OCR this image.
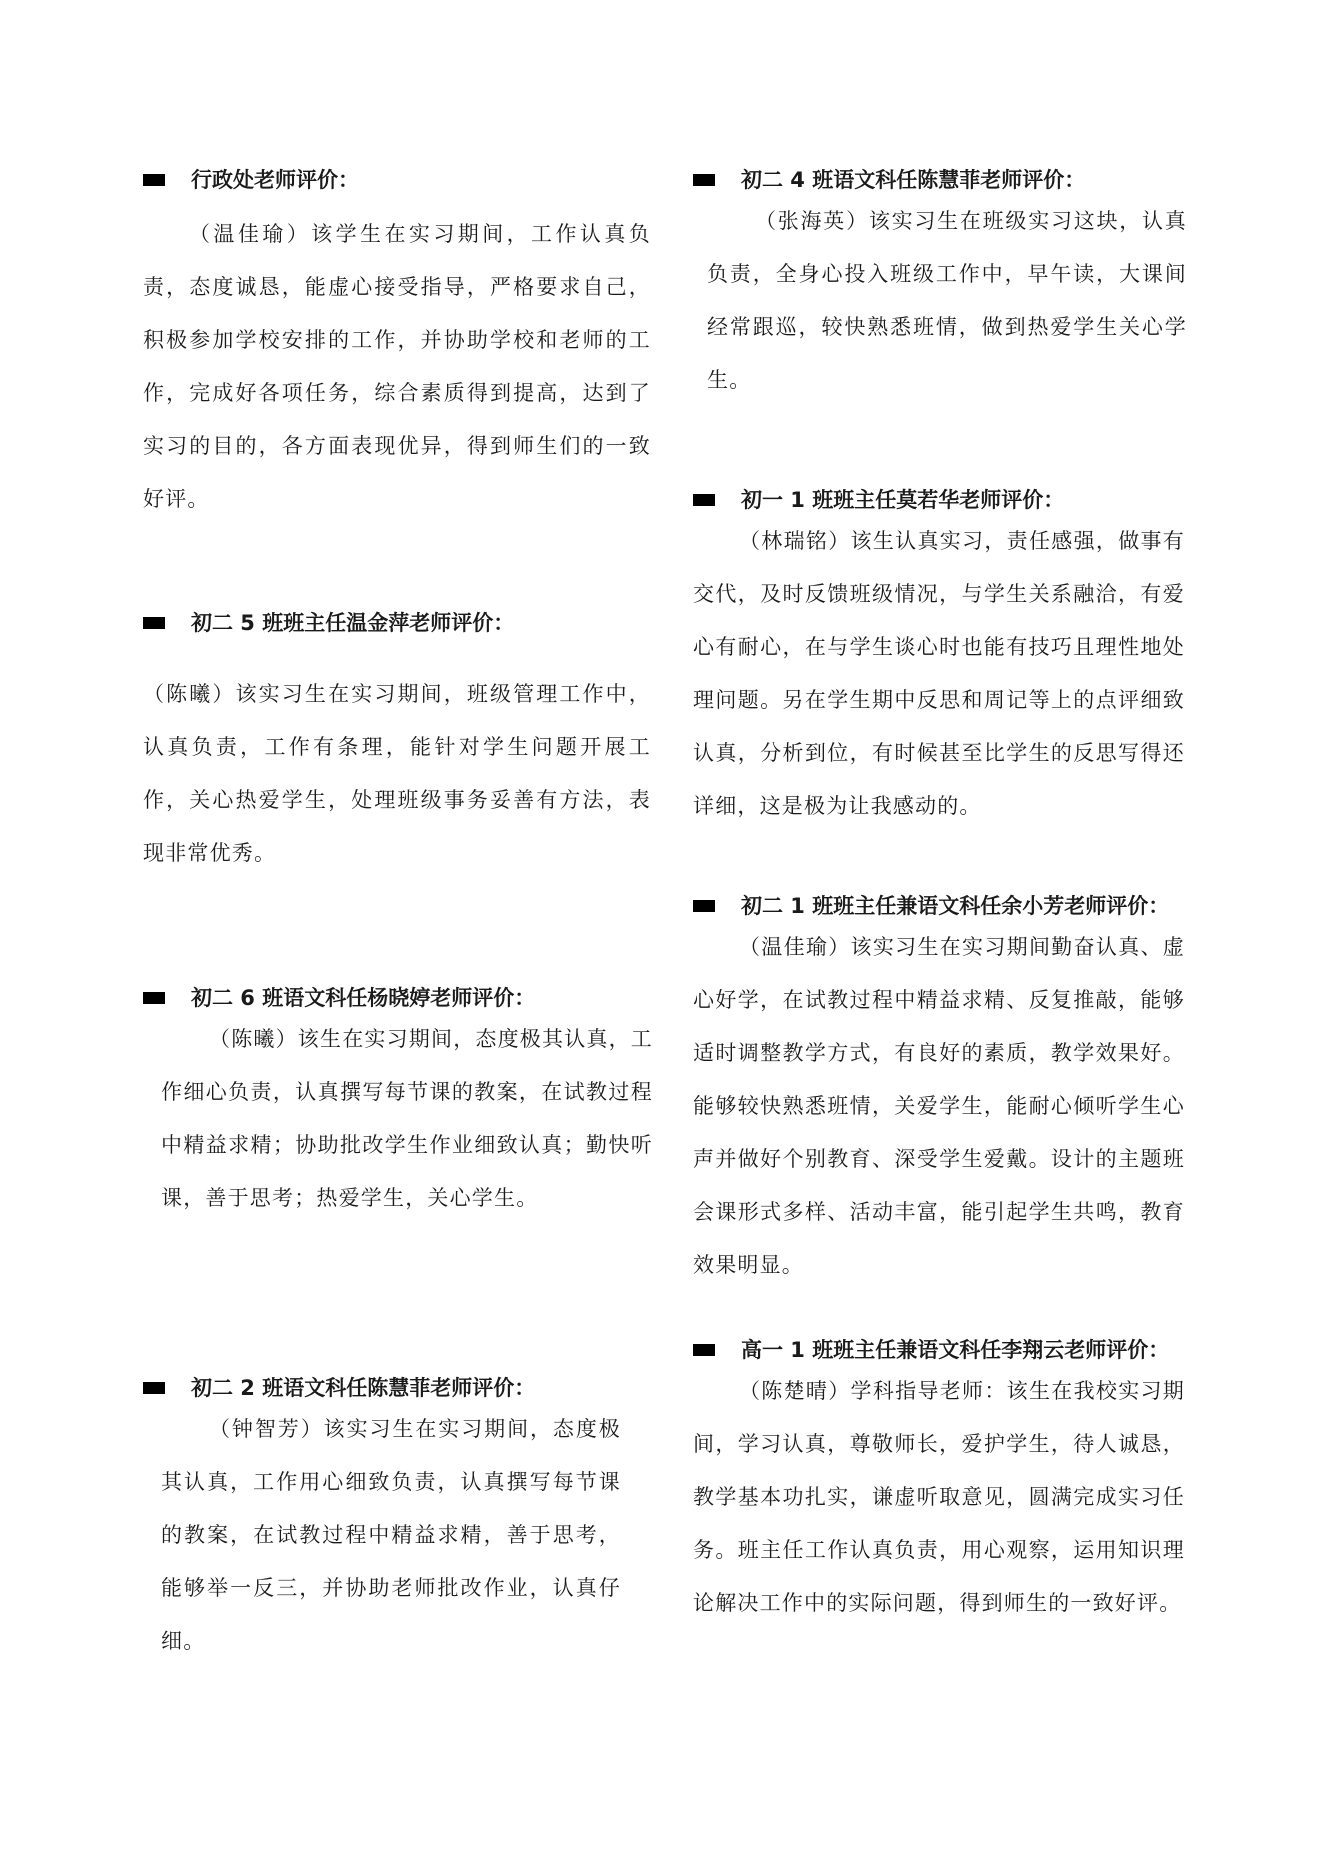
行政处老师评价：

（温佳瑜）该学生在实习期间，工作认真负责，态度诚恳，能虚心接受指导，严格要求自己，积极参加学校安排的工作，并协助学校和老师的工作，完成好各项任务，综合素质得到提高，达到了实习的目的，各方面表现优异，得到师生们的一致好评。

初二 5 班班主任温金萍老师评价：

（陈曦）该实习生在实习期间，班级管理工作中，认真负责，工作有条理，能针对学生问题开展工作，关心热爱学生，处理班级事务妥善有方法，表现非常优秀。

初二 6 班语文科任杨晓婷老师评价：

（陈曦）该生在实习期间，态度极其认真，工作细心负责，认真撰写每节课的教案，在试教过程中精益求精；协助批改学生作业细致认真；勤快听课，善于思考；热爱学生，关心学生。

初二 2 班语文科任陈慧菲老师评价：

（钟智芳）该实习生在实习期间，态度极其认真，工作用心细致负责，认真撰写每节课的教案，在试教过程中精益求精，善于思考，能够举一反三，并协助老师批改作业，认真仔细。

初二 4 班语文科任陈慧菲老师评价：

（张海英）该实习生在班级实习这块，认真负责，全身心投入班级工作中，早午读，大课间经常跟巡，较快熟悉班情，做到热爱学生关心学生。

初一 1 班班主任莫若华老师评价：

（林瑞铭）该生认真实习，责任感强，做事有交代，及时反馈班级情况，与学生关系融洽，有爱心有耐心，在与学生谈心时也能有技巧且理性地处理问题。另在学生期中反思和周记等上的点评细致认真，分析到位，有时候甚至比学生的反思写得还详细，这是极为让我感动的。

初二 1 班班主任兼语文科任余小芳老师评价：

（温佳瑜）该实习生在实习期间勤奋认真、虚心好学，在试教过程中精益求精、反复推敲，能够适时调整教学方式，有良好的素质，教学效果好。能够较快熟悉班情，关爱学生，能耐心倾听学生心声并做好个别教育、深受学生爱戴。设计的主题班会课形式多样、活动丰富，能引起学生共鸣，教育效果明显。

高一 1 班班主任兼语文科任李翔云老师评价：

（陈楚晴）学科指导老师：该生在我校实习期间，学习认真，尊敬师长，爱护学生，待人诚恳，教学基本功扎实，谦虚听取意见，圆满完成实习任务。班主任工作认真负责，用心观察，运用知识理论解决工作中的实际问题，得到师生的一致好评。
